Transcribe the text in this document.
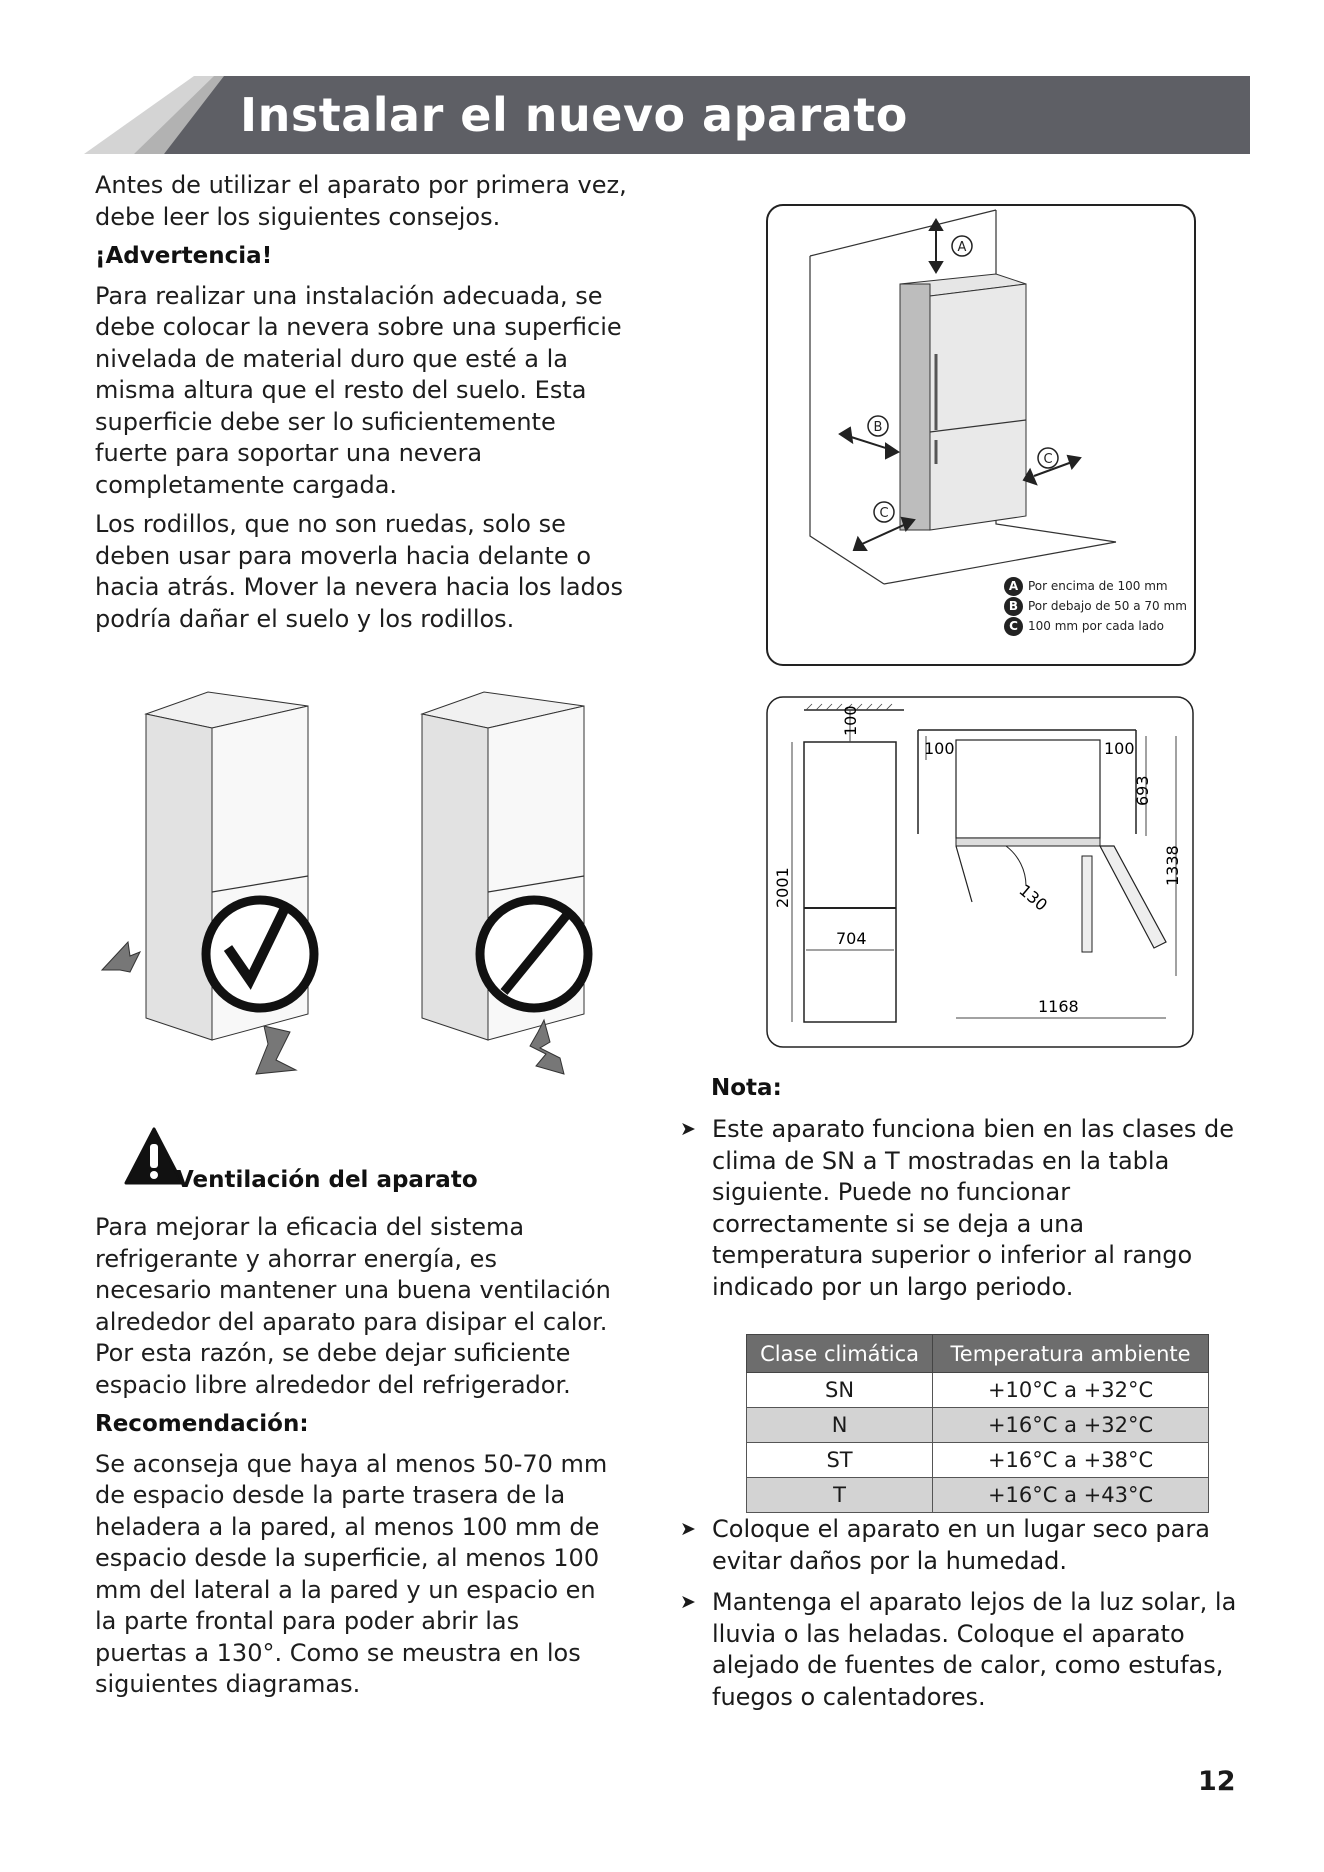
Instalar el nuevo aparato

Antes de utilizar el aparato por primera vez, debe leer los siguientes consejos.

¡Advertencia!

Para realizar una instalación adecuada, se debe colocar la nevera sobre una superficie nivelada de material duro que esté a la misma altura que el resto del suelo. Esta superficie debe ser lo suficientemente fuerte para soportar una nevera completamente cargada.

Los rodillos, que no son ruedas, solo se deben usar para moverla hacia delante o hacia atrás. Mover la nevera hacia los lados podría dañar el suelo y los rodillos.

A
B
C
C
A Por encima de 100 mm
B Por debajo de 50 a 70 mm
C 100 mm por cada lado
100
2001
704
100	100
693
1338
130
1168
Ventilación del aparato

Para mejorar la eficacia del sistema refrigerante y ahorrar energía, es necesario mantener una buena ventilación alrededor del aparato para disipar el calor. Por esta razón, se debe dejar suficiente espacio libre alrededor del refrigerador.

Recomendación:

Se aconseja que haya al menos 50-70 mm de espacio desde la parte trasera de la heladera a la pared, al menos 100 mm de espacio desde la superficie, al menos 100 mm del lateral a la pared y un espacio en la parte frontal para poder abrir las puertas a 130°. Como se meustra en los siguientes diagramas.

Nota:
➤ Este aparato funciona bien en las clases de clima de SN a T mostradas en la tabla siguiente. Puede no funcionar correctamente si se deja a una temperatura superior o inferior al rango indicado por un largo periodo.
Clase climática	Temperatura ambiente
SN	+10°C a +32°C
N	+16°C a +32°C
ST	+16°C a +38°C
T	+16°C a +43°C
➤ Coloque el aparato en un lugar seco para evitar daños por la humedad.
➤ Mantenga el aparato lejos de la luz solar, la lluvia o las heladas. Coloque el aparato alejado de fuentes de calor, como estufas, fuegos o calentadores.
12
